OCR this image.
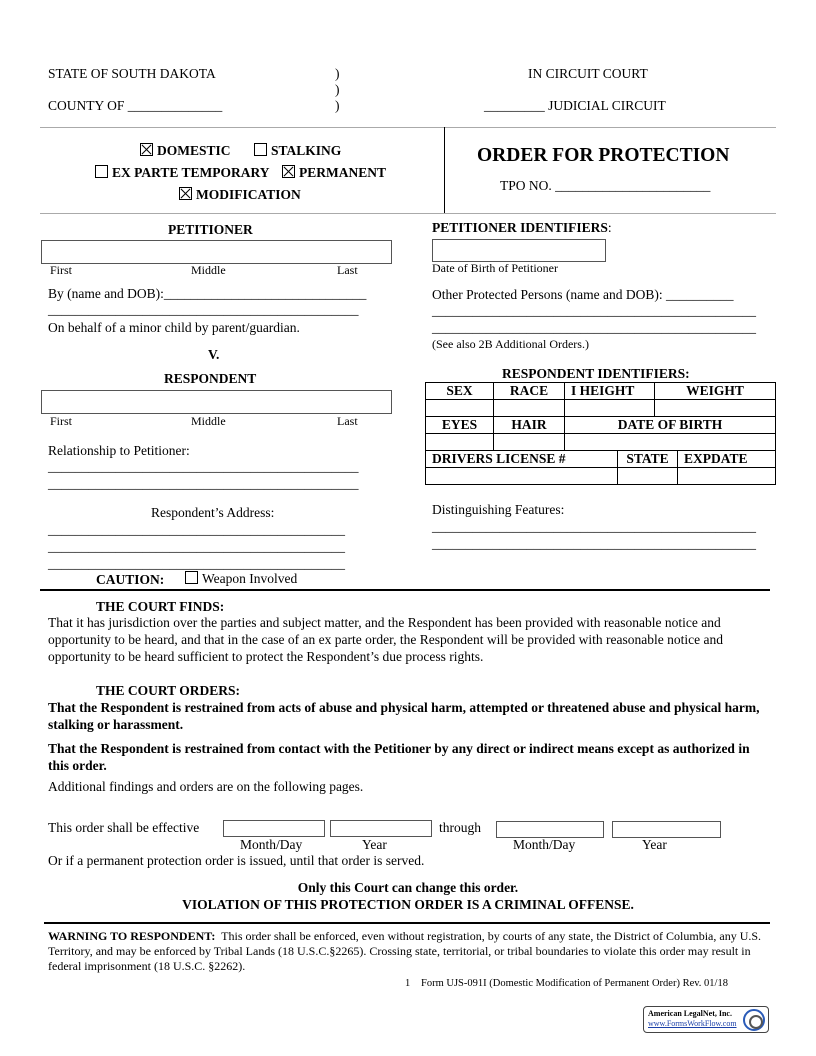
STATE OF SOUTH DAKOTA
COUNTY OF ______________
)
)
)
IN CIRCUIT COURT
_________ JUDICIAL CIRCUIT
DOMESTIC	STALKING
EX PARTE TEMPORARY	PERMANENT
MODIFICATION
ORDER FOR PROTECTION
TPO NO. _______________________
PETITIONER
First	Middle	Last
By (name and DOB):______________________________
______________________________________________
On behalf of a minor child by parent/guardian.
V.
PETITIONER IDENTIFIERS:
Date of Birth of Petitioner
Other Protected Persons (name and DOB): __________
________________________________________________
________________________________________________
(See also 2B Additional Orders.)
RESPONDENT
First	Middle	Last
Relationship to Petitioner:
______________________________________________
______________________________________________
Respondent’s Address:
____________________________________________
____________________________________________
____________________________________________
CAUTION:	Weapon Involved
RESPONDENT IDENTIFIERS:
SEX	RACE	I HEIGHT	WEIGHT

EYES	HAIR	DATE OF BIRTH

DRIVERS LICENSE #	STATE	EXPDATE

Distinguishing Features:
________________________________________________
________________________________________________
THE COURT FINDS:
That it has jurisdiction over the parties and subject matter, and the Respondent has been provided with reasonable notice and opportunity to be heard, and that in the case of an ex parte order, the Respondent will be provided with reasonable notice and opportunity to be heard sufficient to protect the Respondent’s due process rights.
THE COURT ORDERS:
That the Respondent is restrained from acts of abuse and physical harm, attempted or threatened abuse and physical harm, stalking or harassment.
That the Respondent is restrained from contact with the Petitioner by any direct or indirect means except as authorized in this order.
Additional findings and orders are on the following pages.
This order shall be effective	through
Month/Day	Year	Month/Day	Year
Or if a permanent protection order is issued, until that order is served.
Only this Court can change this order.
VIOLATION OF THIS PROTECTION ORDER IS A CRIMINAL OFFENSE.
WARNING TO RESPONDENT: This order shall be enforced, even without registration, by courts of any state, the District of Columbia, any U.S. Territory, and may be enforced by Tribal Lands (18 U.S.C.§2265). Crossing state, territorial, or tribal boundaries to violate this order may result in federal imprisonment (18 U.S.C. §2262).
1 Form UJS-091I (Domestic Modification of Permanent Order) Rev. 01/18
American LegalNet, Inc.
www.FormsWorkFlow.com
